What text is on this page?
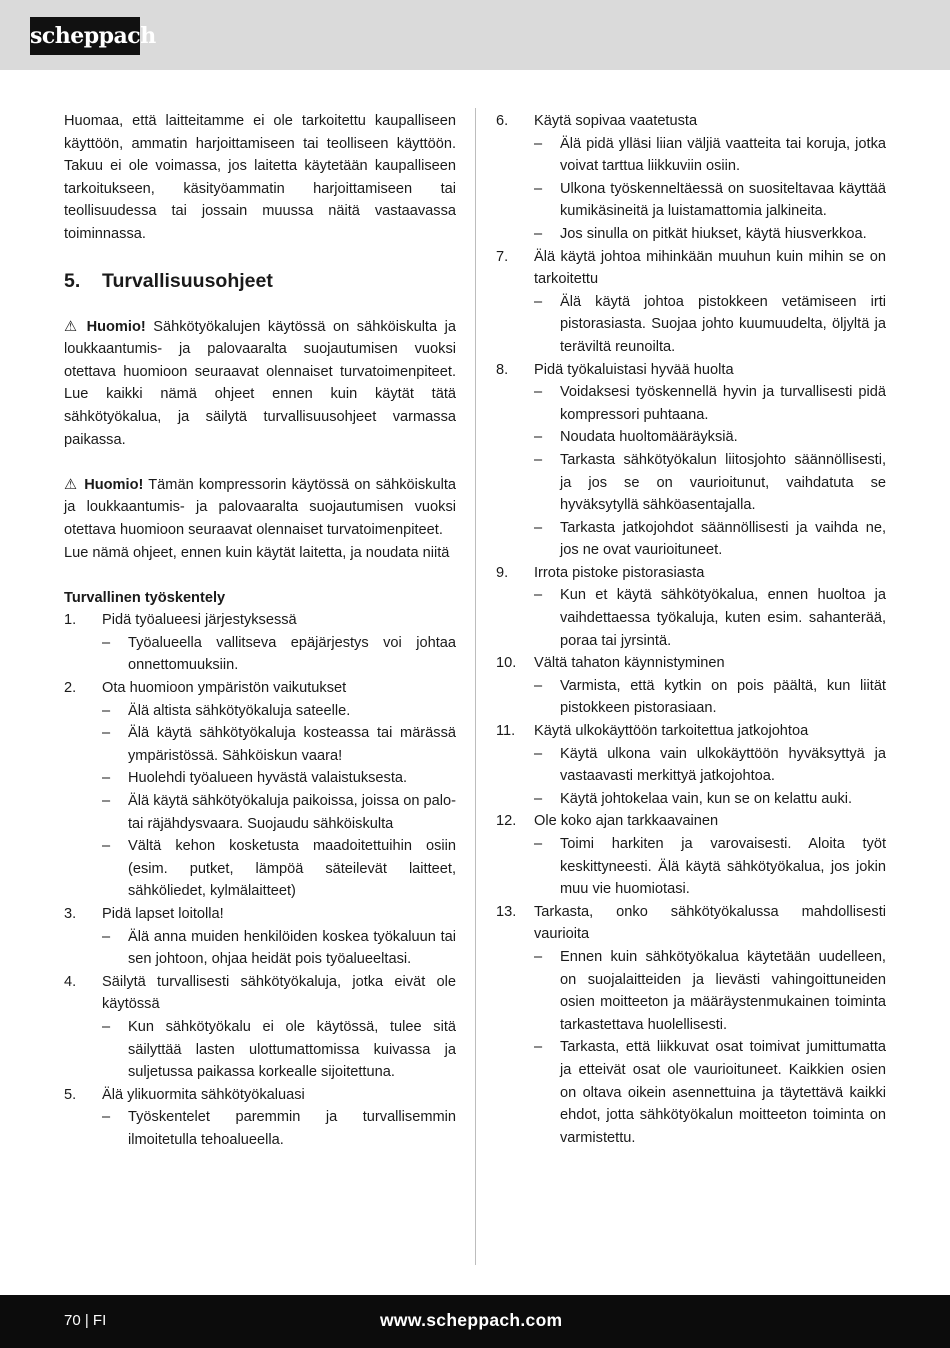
scheppach

Huomaa, että laitteitamme ei ole tarkoitettu kaupalliseen käyttöön, ammatin harjoittamiseen tai teolliseen käyttöön. Takuu ei ole voimassa, jos laitetta käytetään kaupalliseen tarkoitukseen, käsityöammatin harjoittamiseen tai teollisuudessa tai jossain muussa näitä vastaavassa toiminnassa.

5.	Turvallisuusohjeet

⚠ Huomio! Sähkötyökalujen käytössä on sähköiskulta ja loukkaantumis- ja palovaaralta suojautumisen vuoksi otettava huomioon seuraavat olennaiset turvatoimenpiteet. Lue kaikki nämä ohjeet ennen kuin käytät tätä sähkötyökalua, ja säilytä turvallisuusohjeet varmassa paikassa.

⚠ Huomio! Tämän kompressorin käytössä on sähköiskulta ja loukkaantumis- ja palovaaralta suojautumisen vuoksi otettava huomioon seuraavat olennaiset turvatoimenpiteet.

Lue nämä ohjeet, ennen kuin käytät laitetta, ja noudata niitä

Turvallinen työskentely

1.	Pidä työalueesi järjestyksessä
–	Työalueella vallitseva epäjärjestys voi johtaa onnettomuuksiin.
2.	Ota huomioon ympäristön vaikutukset
–	Älä altista sähkötyökaluja sateelle.
–	Älä käytä sähkötyökaluja kosteassa tai märässä ympäristössä. Sähköiskun vaara!
–	Huolehdi työalueen hyvästä valaistuksesta.
–	Älä käytä sähkötyökaluja paikoissa, joissa on palo- tai räjähdysvaara. Suojaudu sähköiskulta
–	Vältä kehon kosketusta maadoitettuihin osiin (esim. putket, lämpöä säteilevät laitteet, sähköliedet, kylmälaitteet)
3.	Pidä lapset loitolla!
–	Älä anna muiden henkilöiden koskea työkaluun tai sen johtoon, ohjaa heidät pois työalueeltasi.
4.	Säilytä turvallisesti sähkötyökaluja, jotka eivät ole käytössä
–	Kun sähkötyökalu ei ole käytössä, tulee sitä säilyttää lasten ulottumattomissa kuivassa ja suljetussa paikassa korkealle sijoitettuna.
5.	Älä ylikuormita sähkötyökaluasi
–	Työskentelet paremmin ja turvallisemmin ilmoitetulla tehoalueella.
6.	Käytä sopivaa vaatetusta
–	Älä pidä ylläsi liian väljiä vaatteita tai koruja, jotka voivat tarttua liikkuviin osiin.
–	Ulkona työskenneltäessä on suositeltavaa käyttää kumikäsineitä ja luistamattomia jalkineita.
–	Jos sinulla on pitkät hiukset, käytä hiusverkkoa.
7.	Älä käytä johtoa mihinkään muuhun kuin mihin se on tarkoitettu
–	Älä käytä johtoa pistokkeen vetämiseen irti pistorasiasta. Suojaa johto kuumuudelta, öljyltä ja teräviltä reunoilta.
8.	Pidä työkaluistasi hyvää huolta
–	Voidaksesi työskennellä hyvin ja turvallisesti pidä kompressori puhtaana.
–	Noudata huoltomääräyksiä.
–	Tarkasta sähkötyökalun liitosjohto säännöllisesti, ja jos se on vaurioitunut, vaihdatuta se hyväksytyllä sähköasentajalla.
–	Tarkasta jatkojohdot säännöllisesti ja vaihda ne, jos ne ovat vaurioituneet.
9.	Irrota pistoke pistorasiasta
–	Kun et käytä sähkötyökalua, ennen huoltoa ja vaihdettaessa työkaluja, kuten esim. sahanterää, poraa tai jyrsintä.
10.	Vältä tahaton käynnistyminen
–	Varmista, että kytkin on pois päältä, kun liität pistokkeen pistorasiaan.
11.	Käytä ulkokäyttöön tarkoitettua jatkojohtoa
–	Käytä ulkona vain ulkokäyttöön hyväksyttyä ja vastaavasti merkittyä jatkojohtoa.
–	Käytä johtokelaa vain, kun se on kelattu auki.
12.	Ole koko ajan tarkkaavainen
–	Toimi harkiten ja varovaisesti. Aloita työt keskittyneesti. Älä käytä sähkötyökalua, jos jokin muu vie huomiotasi.
13.	Tarkasta, onko sähkötyökalussa mahdollisesti vaurioita
–	Ennen kuin sähkötyökalua käytetään uudelleen, on suojalaitteiden ja lievästi vahingoittuneiden osien moitteeton ja määräystenmukainen toiminta tarkastettava huolellisesti.
–	Tarkasta, että liikkuvat osat toimivat jumittumatta ja etteivät osat ole vaurioituneet. Kaikkien osien on oltava oikein asennettuina ja täytettävä kaikki ehdot, jotta sähkötyökalun moitteeton toiminta on varmistettu.
70 | FI	www.scheppach.com
